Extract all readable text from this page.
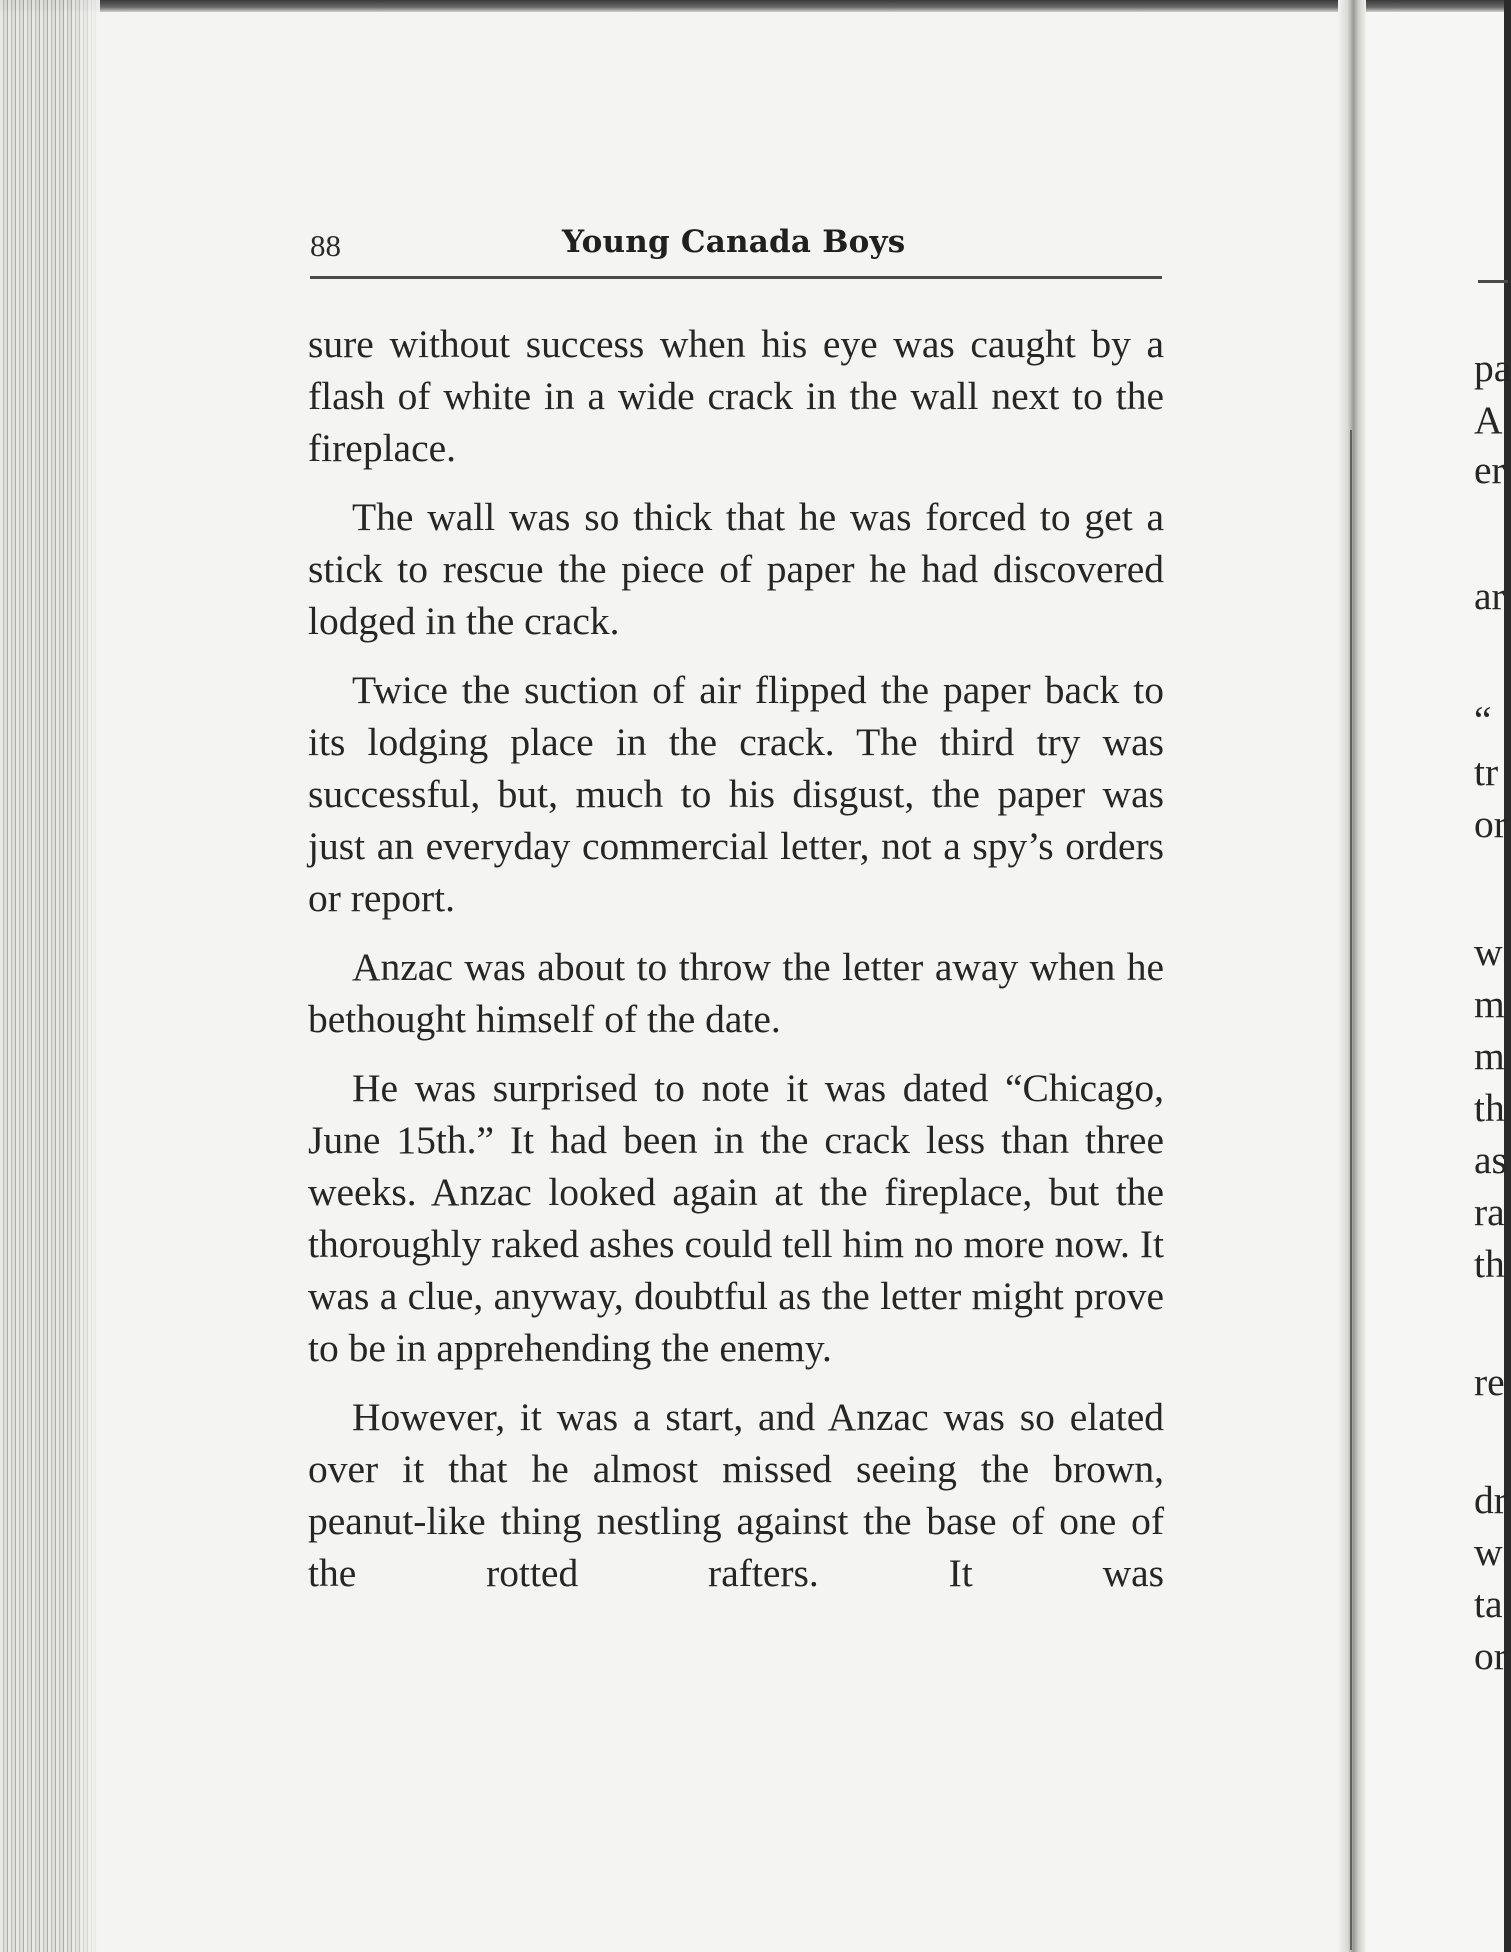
88	Young Canada Boys

sure without success when his eye was caught by a flash of white in a wide crack in the wall next to the fireplace.

The wall was so thick that he was forced to get a stick to rescue the piece of paper he had discovered lodged in the crack.

Twice the suction of air flipped the paper back to its lodging place in the crack. The third try was successful, but, much to his disgust, the paper was just an everyday commercial letter, not a spy’s orders or report.

Anzac was about to throw the letter away when he bethought himself of the date.

He was surprised to note it was dated “Chicago, June 15th.” It had been in the crack less than three weeks. Anzac looked again at the fireplace, but the thoroughly raked ashes could tell him no more now. It was a clue, anyway, doubtful as the letter might prove to be in apprehending the enemy.

However, it was a start, and Anzac was so elated over it that he almost missed seeing the brown, peanut-like thing nestling against the base of one of the rotted rafters. It was

pa
A
er
ar
“
tr
or
w
m
m
th
as
ra
th
re
dr
w
ta
or
